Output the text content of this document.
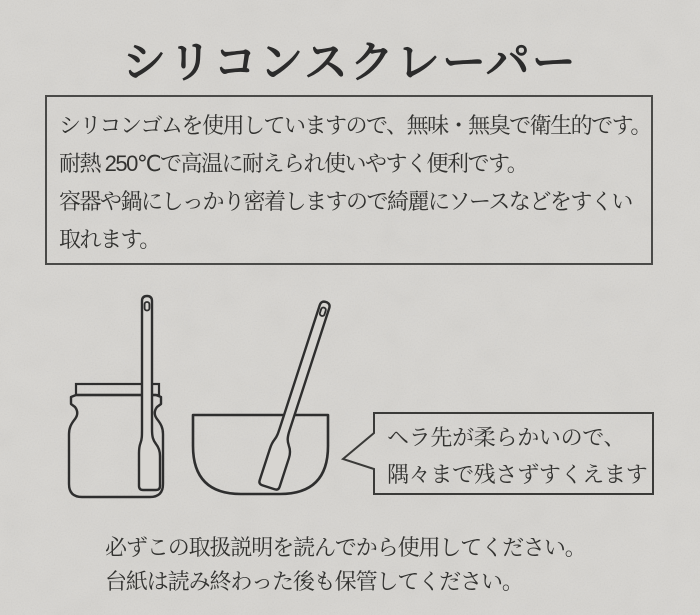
シリコンスクレーパー
シリコンゴムを使用していますので、無味・無臭で衛生的です。
耐熱 250℃で高温に耐えられ使いやすく便利です。
容器や鍋にしっかり密着しますので綺麗にソースなどをすくい
取れます。
ヘラ先が柔らかいので、
隅々まで残さずすくえます
必ずこの取扱説明を読んでから使用してください。
台紙は読み終わった後も保管してください。
